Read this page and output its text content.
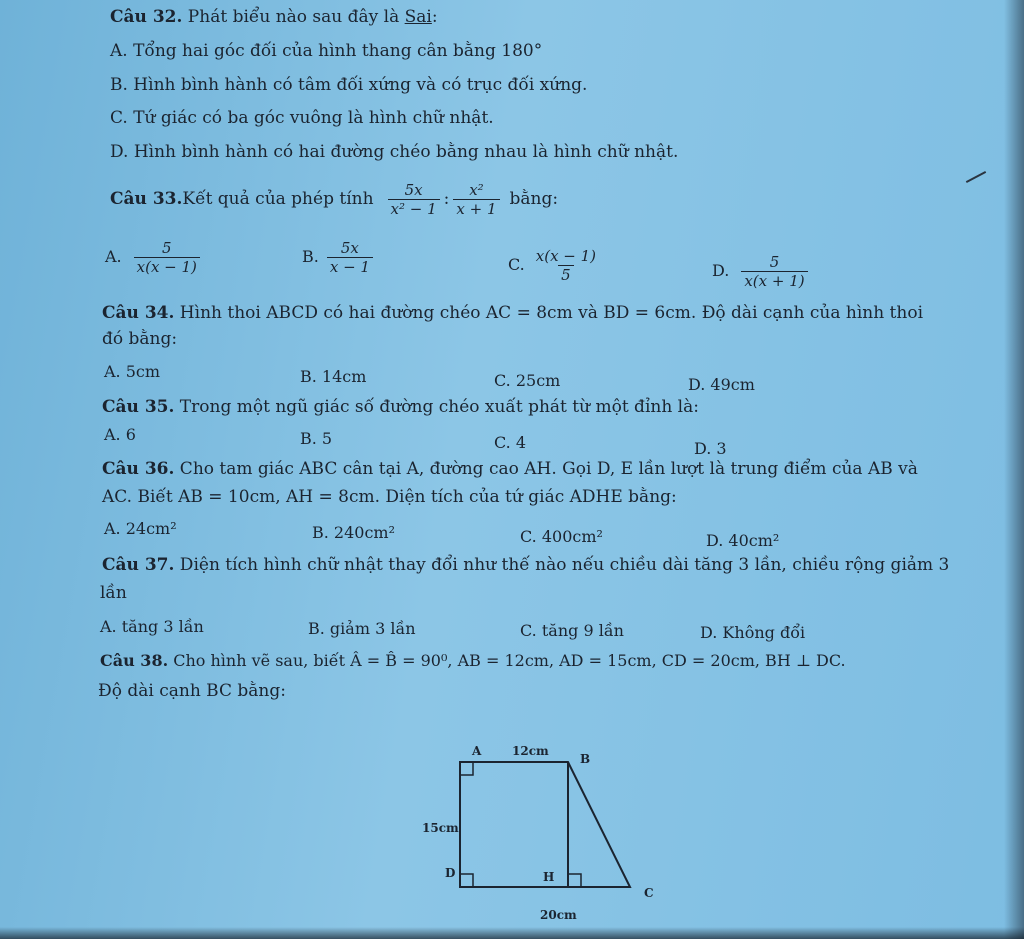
Câu 32. Phát biểu nào sau đây là Sai:
A. Tổng hai góc đối của hình thang cân bằng 180°
B. Hình bình hành có tâm đối xứng và có trục đối xứng.
C. Tứ giác có ba góc vuông là hình chữ nhật.
D. Hình bình hành có hai đường chéo bằng nhau là hình chữ nhật.
Câu 33. Kết quả của phép tính $\frac{5x}{\text{x² − 1}}$ : $\frac{\text{x²}}{x + 1}$ bằng:
A. $\frac{5}{x(x - 1)}$	B. $\frac{5x}{x - 1}$	C. $\frac{x(x - 1)}{5}$	D. $\frac{5}{x(x + 1)}$
Câu 34. Hình thoi ABCD có hai đường chéo AC = 8cm và BD = 6cm. Độ dài cạnh của hình thoi
đó bằng:
A. 5cm	B. 14cm	C. 25cm	D. 49cm
Câu 35. Trong một ngũ giác số đường chéo xuất phát từ một đỉnh là:
A. 6	B. 5	C. 4	D. 3
Câu 36. Cho tam giác ABC cân tại A, đường cao AH. Gọi D, E lần lượt là trung điểm của AB và
AC. Biết AB = 10cm, AH = 8cm. Diện tích của tứ giác ADHE bằng:
A. 24cm²	B. 240cm²	C. 400cm²	D. 40cm²
Câu 37. Diện tích hình chữ nhật thay đổi như thế nào nếu chiều dài tăng 3 lần, chiều rộng giảm 3
lần
A. tăng 3 lần	B. giảm 3 lần	C. tăng 9 lần	D. Không đổi
Câu 38. Cho hình vẽ sau, biết Â = B̂ = 90⁰, AB = 12cm, AD = 15cm, CD = 20cm, BH ⊥ DC.
Độ dài cạnh BC bằng:
A	12cm
B
15cm
D	H
C
20cm
